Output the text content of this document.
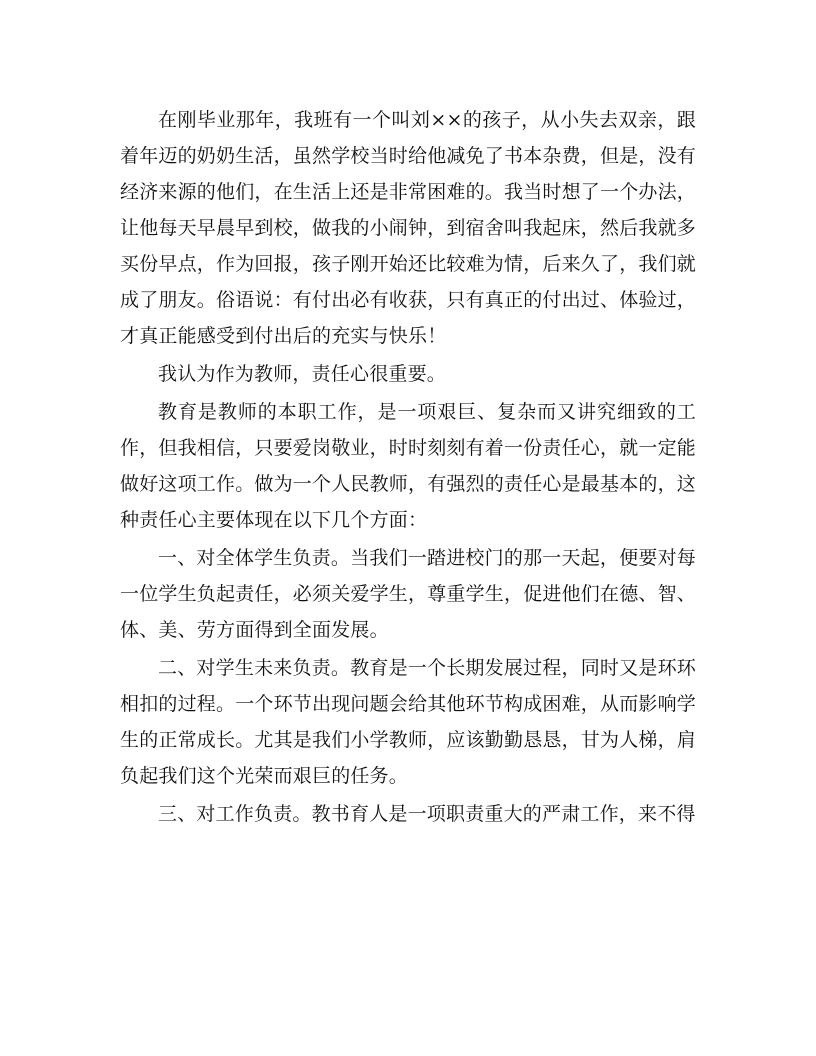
在刚毕业那年，我班有一个叫刘××的孩子，从小失去双亲，跟着年迈的奶奶生活，虽然学校当时给他减免了书本杂费，但是，没有经济来源的他们，在生活上还是非常困难的。我当时想了一个办法，让他每天早晨早到校，做我的小闹钟，到宿舍叫我起床，然后我就多买份早点，作为回报，孩子刚开始还比较难为情，后来久了，我们就成了朋友。俗语说：有付出必有收获，只有真正的付出过、体验过，才真正能感受到付出后的充实与快乐！

我认为作为教师，责任心很重要。

教育是教师的本职工作，是一项艰巨、复杂而又讲究细致的工作，但我相信，只要爱岗敬业，时时刻刻有着一份责任心，就一定能做好这项工作。做为一个人民教师，有强烈的责任心是最基本的，这种责任心主要体现在以下几个方面：

一、对全体学生负责。当我们一踏进校门的那一天起，便要对每一位学生负起责任，必须关爱学生，尊重学生，促进他们在德、智、体、美、劳方面得到全面发展。

二、对学生未来负责。教育是一个长期发展过程，同时又是环环相扣的过程。一个环节出现问题会给其他环节构成困难，从而影响学生的正常成长。尤其是我们小学教师，应该勤勤恳恳，甘为人梯，肩负起我们这个光荣而艰巨的任务。

三、对工作负责。教书育人是一项职责重大的严肃工作，来不得
